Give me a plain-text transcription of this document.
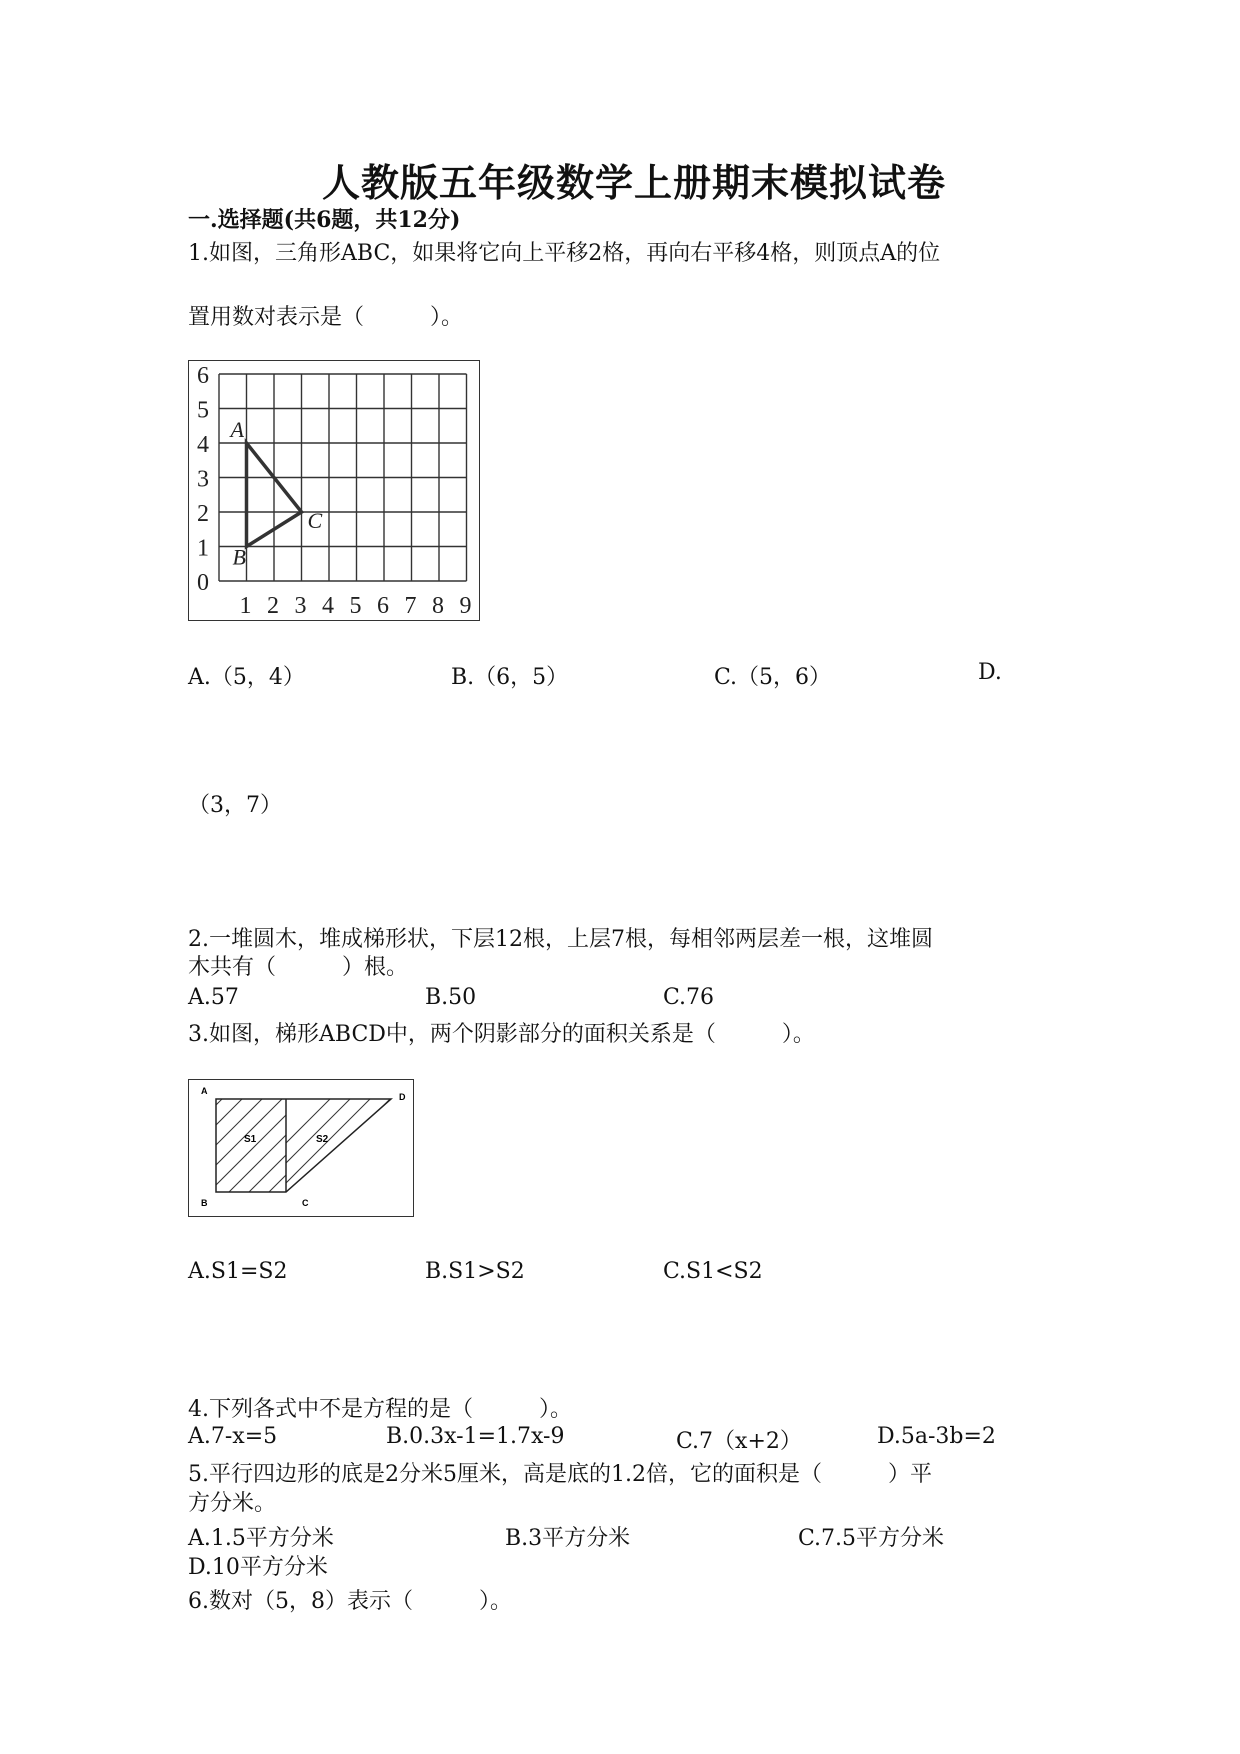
人教版五年级数学上册期末模拟试卷
一.选择题(共6题，共12分)
1.如图，三角形ABC，如果将它向上平移2格，再向右平移4格，则顶点A的位
置用数对表示是（　　　）。
0
1
2
3
4
5
6
1 2 3 4 5 6 7 8 9
A
B
C
A.（5，4）	B.（6，5）	C.（5，6）	D.
（3，7）
2.一堆圆木，堆成梯形状，下层12根，上层7根，每相邻两层差一根，这堆圆
木共有（　　　）根。
A.57	B.50	C.76
3.如图，梯形ABCD中，两个阴影部分的面积关系是（　　　）。
A
D
B	C
S1	S2
A.S1=S2	B.S1>S2	C.S1<S2
4.下列各式中不是方程的是（　　　）。
A.7-x=5	B.0.3x-1=1.7x-9	C.7（x+2）	D.5a-3b=2
5.平行四边形的底是2分米5厘米，高是底的1.2倍，它的面积是（　　　）平
方分米。
A.1.5平方分米	B.3平方分米	C.7.5平方分米
D.10平方分米
6.数对（5，8）表示（　　　）。
